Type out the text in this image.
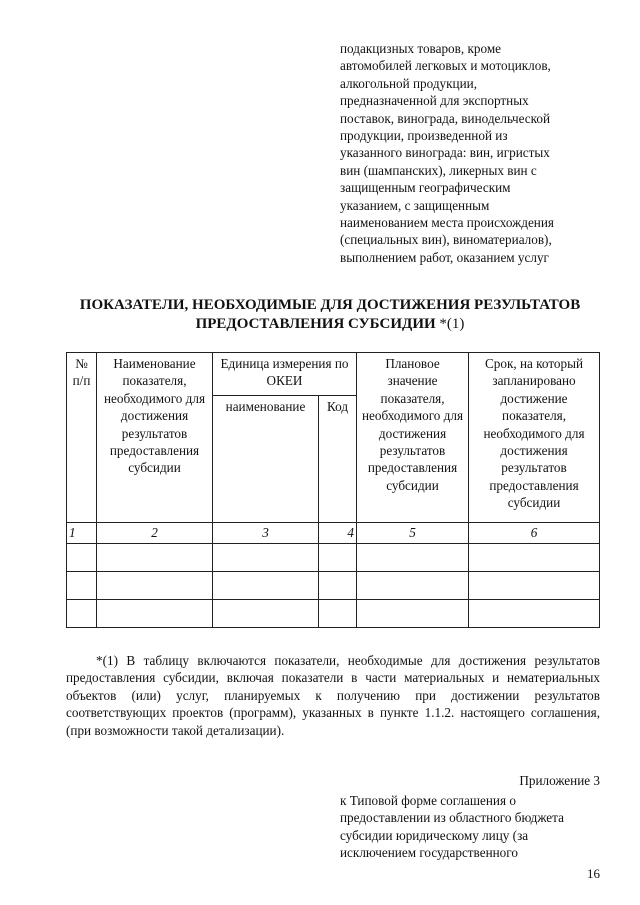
подакцизных товаров, кроме
автомобилей легковых и мотоциклов,
алкогольной продукции,
предназначенной для экспортных
поставок, винограда, винодельческой
продукции, произведенной из
указанного винограда: вин, игристых
вин (шампанских), ликерных вин с
защищенным географическим
указанием, с защищенным
наименованием места происхождения
(специальных вин), виноматериалов),
выполнением работ, оказанием услуг
ПОКАЗАТЕЛИ, НЕОБХОДИМЫЕ ДЛЯ ДОСТИЖЕНИЯ РЕЗУЛЬТАТОВ
ПРЕДОСТАВЛЕНИЯ СУБСИДИИ *(1)
№ п/п	Наименование показателя, необходимого для достижения результатов предоставления субсидии	Единица измерения по ОКЕИ		Плановое значение показателя, необходимого для достижения результатов предоставления субсидии	Срок, на который запланировано достижение показателя, необходимого для достижения результатов предоставления субсидии
		наименование	Код		
1	2	3	4	5	6

*(1) В таблицу включаются показатели, необходимые для достижения результатов предоставления субсидии, включая показатели в части материальных и нематериальных объектов (или) услуг, планируемых к получению при достижении результатов соответствующих проектов (программ), указанных в пункте 1.1.2. настоящего соглашения, (при возможности такой детализации).

Приложение 3
к Типовой форме соглашения о
предоставлении из областного бюджета
субсидии юридическому лицу (за
исключением государственного
16
